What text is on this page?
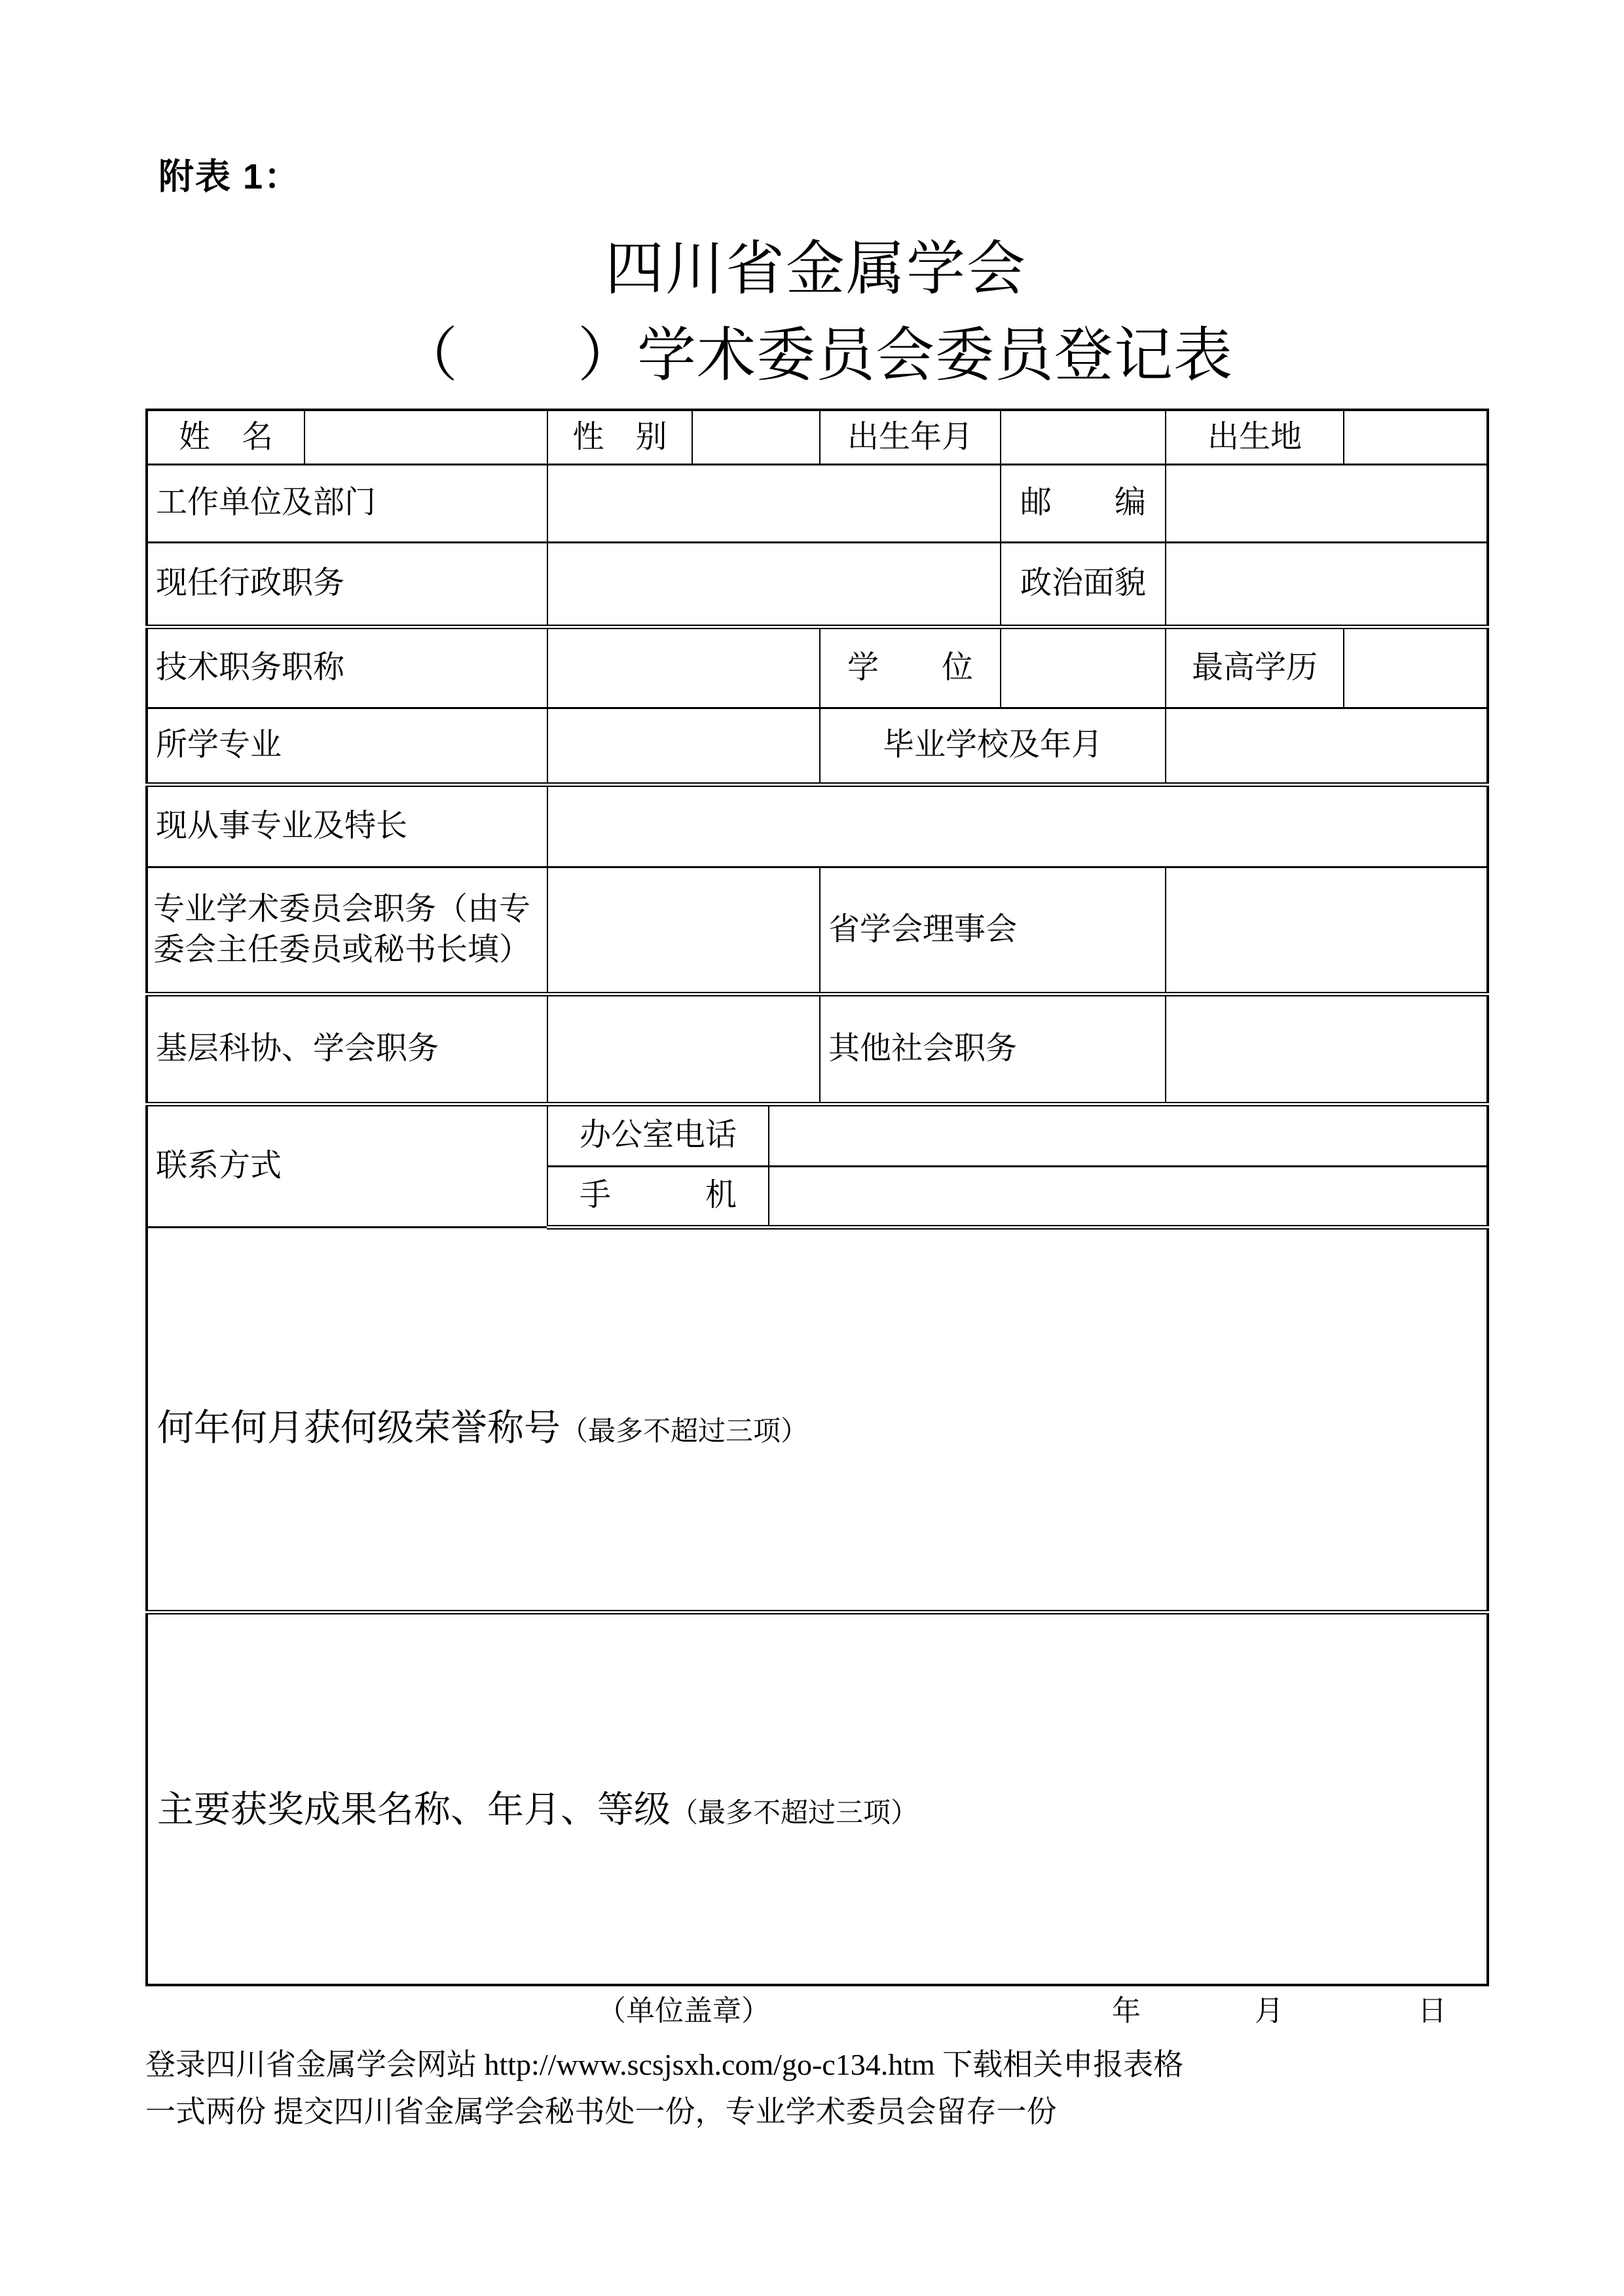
附表 1：
四川省金属学会
（　　）学术委员会委员登记表
姓　名		性　别			出生年月		出生地	
工作单位及部门						邮　　编		
现任行政职务						政治面貌		
技术职务职称					学　　位		最高学历	
所学专业					毕业学校及年月			
现从事专业及特长								
专业学术委员会职务（由专委会主任委员或秘书长填）					省学会理事会			
基层科协、学会职务					其他社会职务			
联系方式		办公室电话						
		手　　　机						
何年何月获何级荣誉称号（最多不超过三项）								
主要获奖成果名称、年月、等级（最多不超过三项）								
（单位盖章）	年	月	日
登录四川省金属学会网站 http://www.scsjsxh.com/go-c134.htm 下载相关申报表格
一式两份 提交四川省金属学会秘书处一份，专业学术委员会留存一份
